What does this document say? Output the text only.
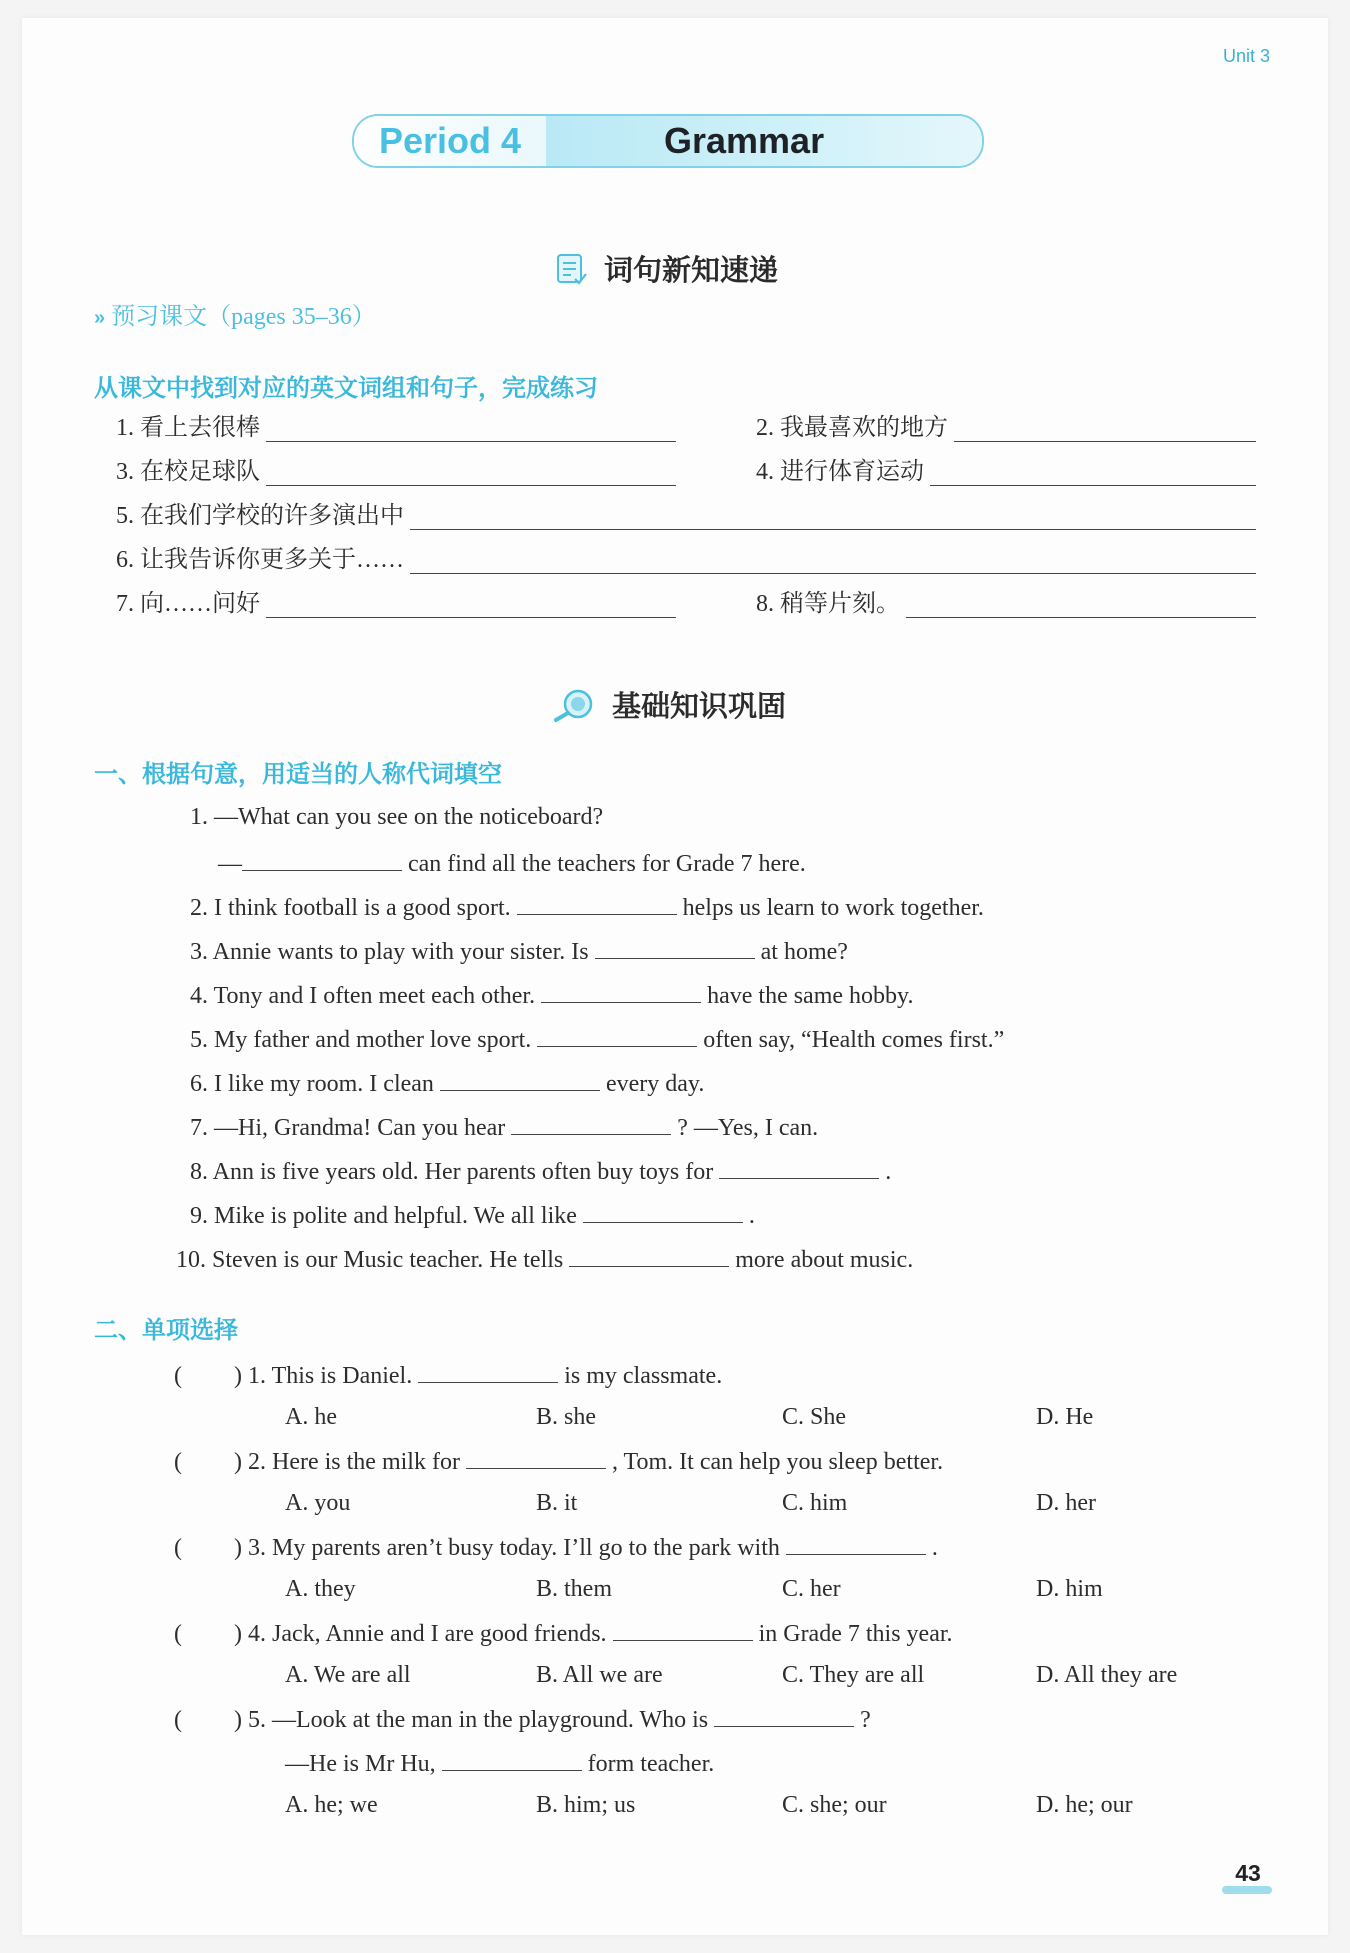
Unit 3
Period 4	Grammar
词句新知速递
» 预习课文（pages 35–36）
从课文中找到对应的英文词组和句子，完成练习
1. 看上去很棒	2. 我最喜欢的地方
3. 在校足球队	4. 进行体育运动
5. 在我们学校的许多演出中
6. 让我告诉你更多关于……
7. 向……问好	8. 稍等片刻。
基础知识巩固
一、根据句意，用适当的人称代词填空
1. —What can you see on the noticeboard?
—	can find all the teachers for Grade 7 here.
2. I think football is a good sport.	helps us learn to work together.
3. Annie wants to play with your sister. Is	at home?
4. Tony and I often meet each other.	have the same hobby.
5. My father and mother love sport.	often say, “Health comes first.”
6. I like my room. I clean	every day.
7. —Hi, Grandma! Can you hear	? —Yes, I can.
8. Ann is five years old. Her parents often buy toys for	.
9. Mike is polite and helpful. We all like	.
10. Steven is our Music teacher. He tells	more about music.
二、单项选择
( ) 1. This is Daniel.	is my classmate.
A. he	B. she	C. She	D. He
( ) 2. Here is the milk for	, Tom. It can help you sleep better.
A. you	B. it	C. him	D. her
( ) 3. My parents aren’t busy today. I’ll go to the park with	.
A. they	B. them	C. her	D. him
( ) 4. Jack, Annie and I are good friends.	in Grade 7 this year.
A. We are all	B. All we are	C. They are all	D. All they are
( ) 5. —Look at the man in the playground. Who is	?
—He is Mr Hu,	form teacher.
A. he; we	B. him; us	C. she; our	D. he; our
43
